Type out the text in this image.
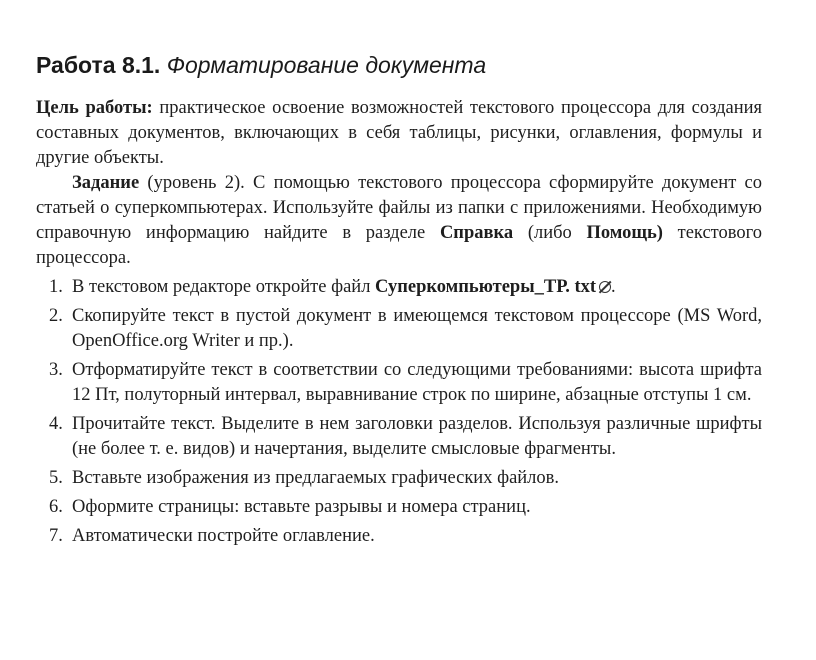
Работа 8.1. Форматирование документа

Цель работы: практическое освоение возможностей текстового процессора для создания составных документов, включающих в себя таблицы, рисунки, оглавления, формулы и другие объекты.

Задание (уровень 2). С помощью текстового процессора сформируйте документ со статьей о суперкомпьютерах. Используйте файлы из папки с приложениями. Необходимую справочную информацию найдите в разделе Справка (либо Помощь) текстового процессора.

1. В текстовом редакторе откройте файл Суперкомпьютеры_ТР. txt .
2. Скопируйте текст в пустой документ в имеющемся текстовом процессоре (MS Word, OpenOffice.org Writer и пр.).
3. Отформатируйте текст в соответствии со следующими требованиями: высота шрифта 12 Пт, полуторный интервал, выравнивание строк по ширине, абзацные отступы 1 см.
4. Прочитайте текст. Выделите в нем заголовки разделов. Используя различные шрифты (не более т. е. видов) и начертания, выделите смысловые фрагменты.
5. Вставьте изображения из предлагаемых графических файлов.
6. Оформите страницы: вставьте разрывы и номера страниц.
7. Автоматически постройте оглавление.
